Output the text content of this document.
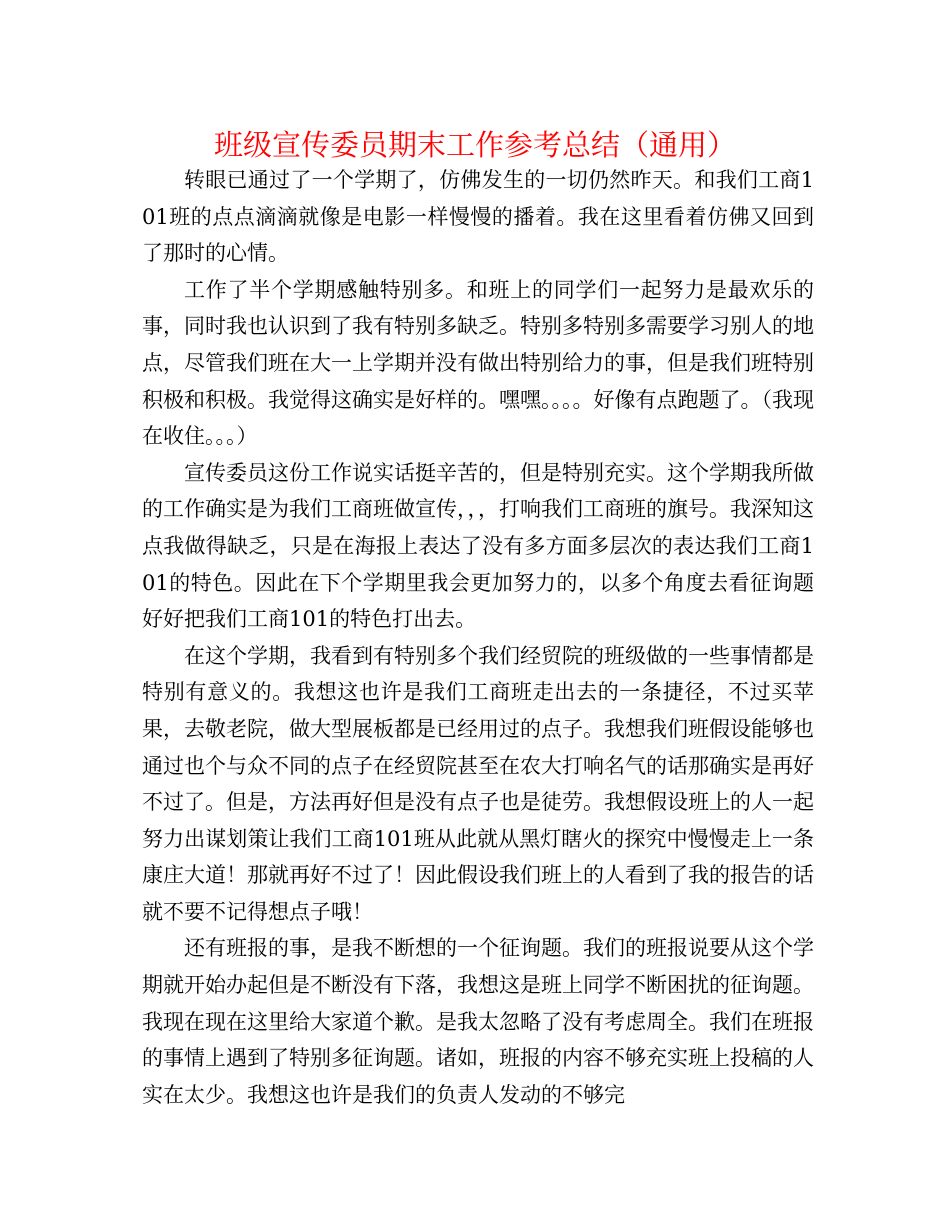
班级宣传委员期末工作参考总结（通用）

转眼已通过了一个学期了，仿佛发生的一切仍然昨天。和我们工商101班的点点滴滴就像是电影一样慢慢的播着。我在这里看着仿佛又回到了那时的心情。

工作了半个学期感触特别多。和班上的同学们一起努力是最欢乐的事，同时我也认识到了我有特别多缺乏。特别多特别多需要学习别人的地点，尽管我们班在大一上学期并没有做出特别给力的事，但是我们班特别积极和积极。我觉得这确实是好样的。嘿嘿。。。。好像有点跑题了。（我现在收住。。。）

宣传委员这份工作说实话挺辛苦的，但是特别充实。这个学期我所做的工作确实是为我们工商班做宣传，，，打响我们工商班的旗号。我深知这点我做得缺乏，只是在海报上表达了没有多方面多层次的表达我们工商101的特色。因此在下个学期里我会更加努力的，以多个角度去看征询题好好把我们工商101的特色打出去。

在这个学期，我看到有特别多个我们经贸院的班级做的一些事情都是特别有意义的。我想这也许是我们工商班走出去的一条捷径，不过买苹果，去敬老院，做大型展板都是已经用过的点子。我想我们班假设能够也通过也个与众不同的点子在经贸院甚至在农大打响名气的话那确实是再好不过了。但是，方法再好但是没有点子也是徒劳。我想假设班上的人一起努力出谋划策让我们工商101班从此就从黑灯瞎火的探究中慢慢走上一条康庄大道！那就再好不过了！因此假设我们班上的人看到了我的报告的话就不要不记得想点子哦！

还有班报的事，是我不断想的一个征询题。我们的班报说要从这个学期就开始办起但是不断没有下落，我想这是班上同学不断困扰的征询题。我现在现在这里给大家道个歉。是我太忽略了没有考虑周全。我们在班报的事情上遇到了特别多征询题。诸如，班报的内容不够充实班上投稿的人实在太少。我想这也许是我们的负责人发动的不够完
